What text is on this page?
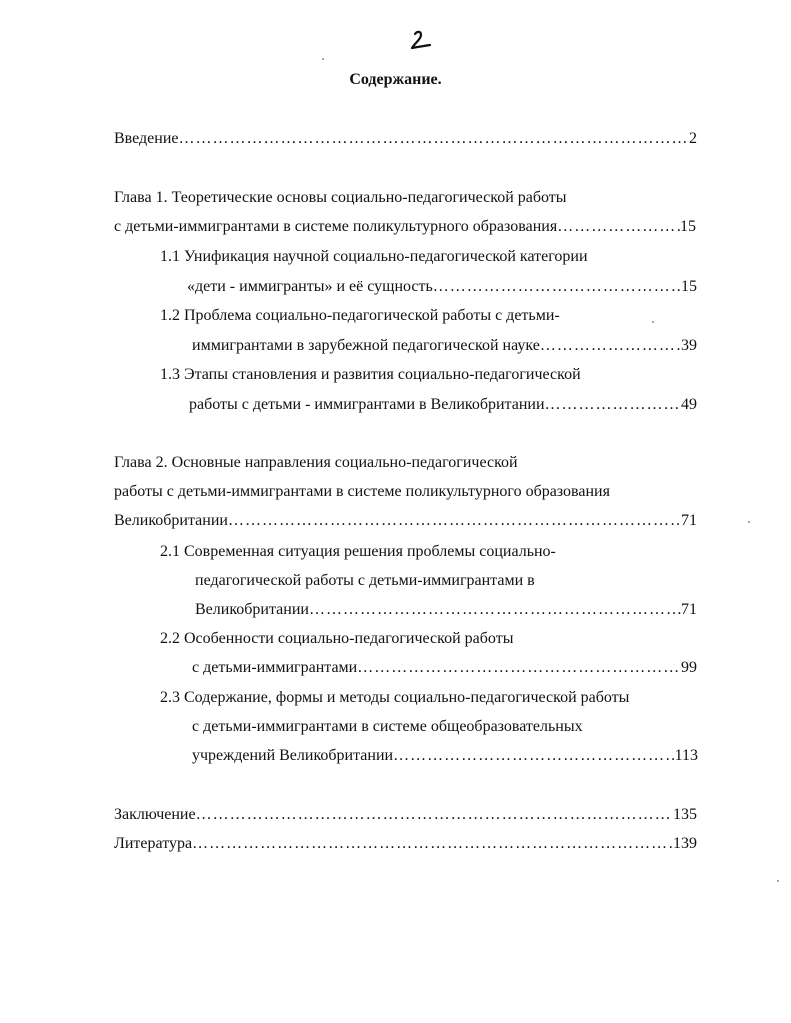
Содержание.
Введение …………………………………………………………………………………………………………………………………………………………	2
Глава 1. Теоретические основы социально-педагогической работы
с детьми-иммигрантами в системе поликультурного образования …………………………………………………………………………………………………………………………………………………………	15
1.1 Унификация научной социально-педагогической категории
«дети - иммигранты» и её сущность …………………………………………………………………………………………………………………………………………………………	15
1.2 Проблема социально-педагогической работы с детьми-
иммигрантами в зарубежной педагогической науке …………………………………………………………………………………………………………………………………………………………	39
1.3 Этапы становления и развития социально-педагогической
работы с детьми - иммигрантами в Великобритании …………………………………………………………………………………………………………………………………………………………	49
Глава 2. Основные направления социально-педагогической
работы с детьми-иммигрантами в системе поликультурного образования
Великобритании …………………………………………………………………………………………………………………………………………………………	71
2.1 Современная ситуация решения проблемы социально-
педагогической работы с детьми-иммигрантами в
Великобритании …………………………………………………………………………………………………………………………………………………………	71
2.2 Особенности социально-педагогической работы
с детьми-иммигрантами …………………………………………………………………………………………………………………………………………………………	99
2.3 Содержание, формы и методы социально-педагогической работы
с детьми-иммигрантами в системе общеобразовательных
учреждений Великобритании …………………………………………………………………………………………………………………………………………………………	113
Заключение …………………………………………………………………………………………………………………………………………………………	135
Литература …………………………………………………………………………………………………………………………………………………………	139
